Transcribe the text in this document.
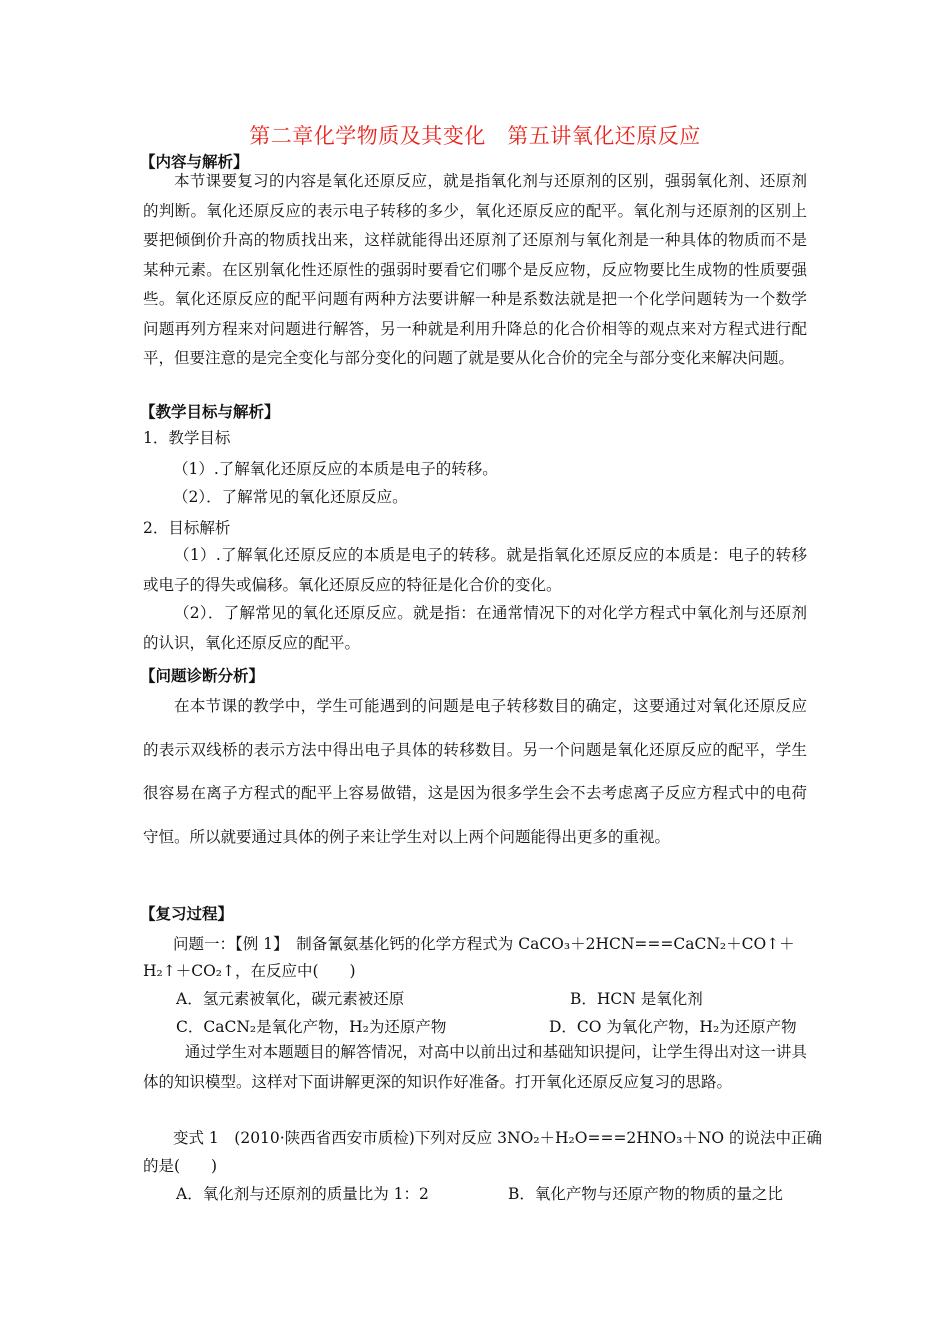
第二章化学物质及其变化　第五讲氧化还原反应
【内容与解析】

本节课要复习的内容是氧化还原反应，就是指氧化剂与还原剂的区别，强弱氧化剂、还原剂的判断。氧化还原反应的表示电子转移的多少，氧化还原反应的配平。氧化剂与还原剂的区别上要把倾倒价升高的物质找出来，这样就能得出还原剂了还原剂与氧化剂是一种具体的物质而不是某种元素。在区别氧化性还原性的强弱时要看它们哪个是反应物，反应物要比生成物的性质要强些。氧化还原反应的配平问题有两种方法要讲解一种是系数法就是把一个化学问题转为一个数学问题再列方程来对问题进行解答，另一种就是利用升降总的化合价相等的观点来对方程式进行配平，但要注意的是完全变化与部分变化的问题了就是要从化合价的完全与部分变化来解决问题。

【教学目标与解析】
1．教学目标
（1）.了解氧化还原反应的本质是电子的转移。
（2）．了解常见的氧化还原反应。
2．目标解析

（1）.了解氧化还原反应的本质是电子的转移。就是指氧化还原反应的本质是：电子的转移或电子的得失或偏移。氧化还原反应的特征是化合价的变化。

（2）．了解常见的氧化还原反应。就是指：在通常情况下的对化学方程式中氧化剂与还原剂的认识，氧化还原反应的配平。

【问题诊断分析】

在本节课的教学中，学生可能遇到的问题是电子转移数目的确定，这要通过对氧化还原反应的表示双线桥的表示方法中得出电子具体的转移数目。另一个问题是氧化还原反应的配平，学生很容易在离子方程式的配平上容易做错，这是因为很多学生会不去考虑离子反应方程式中的电荷守恒。所以就要通过具体的例子来让学生对以上两个问题能得出更多的重视。

【复习过程】
问题一：【例 1】　制备氰氨基化钙的化学方程式为 CaCO₃＋2HCN===CaCN₂＋CO↑＋
H₂↑＋CO₂↑，在反应中(　　)
A．氢元素被氧化，碳元素被还原	B．HCN 是氧化剂
C．CaCN₂是氧化产物，H₂为还原产物	D．CO 为氧化产物，H₂为还原产物

通过学生对本题题目的解答情况，对高中以前出过和基础知识提问，让学生得出对这一讲具体的知识模型。这样对下面讲解更深的知识作好准备。打开氧化还原反应复习的思路。

变式 1　(2010·陕西省西安市质检)下列对反应 3NO₂＋H₂O===2HNO₃＋NO 的说法中正确
的是(　　)
A．氧化剂与还原剂的质量比为 1：2	B．氧化产物与还原产物的物质的量之比
